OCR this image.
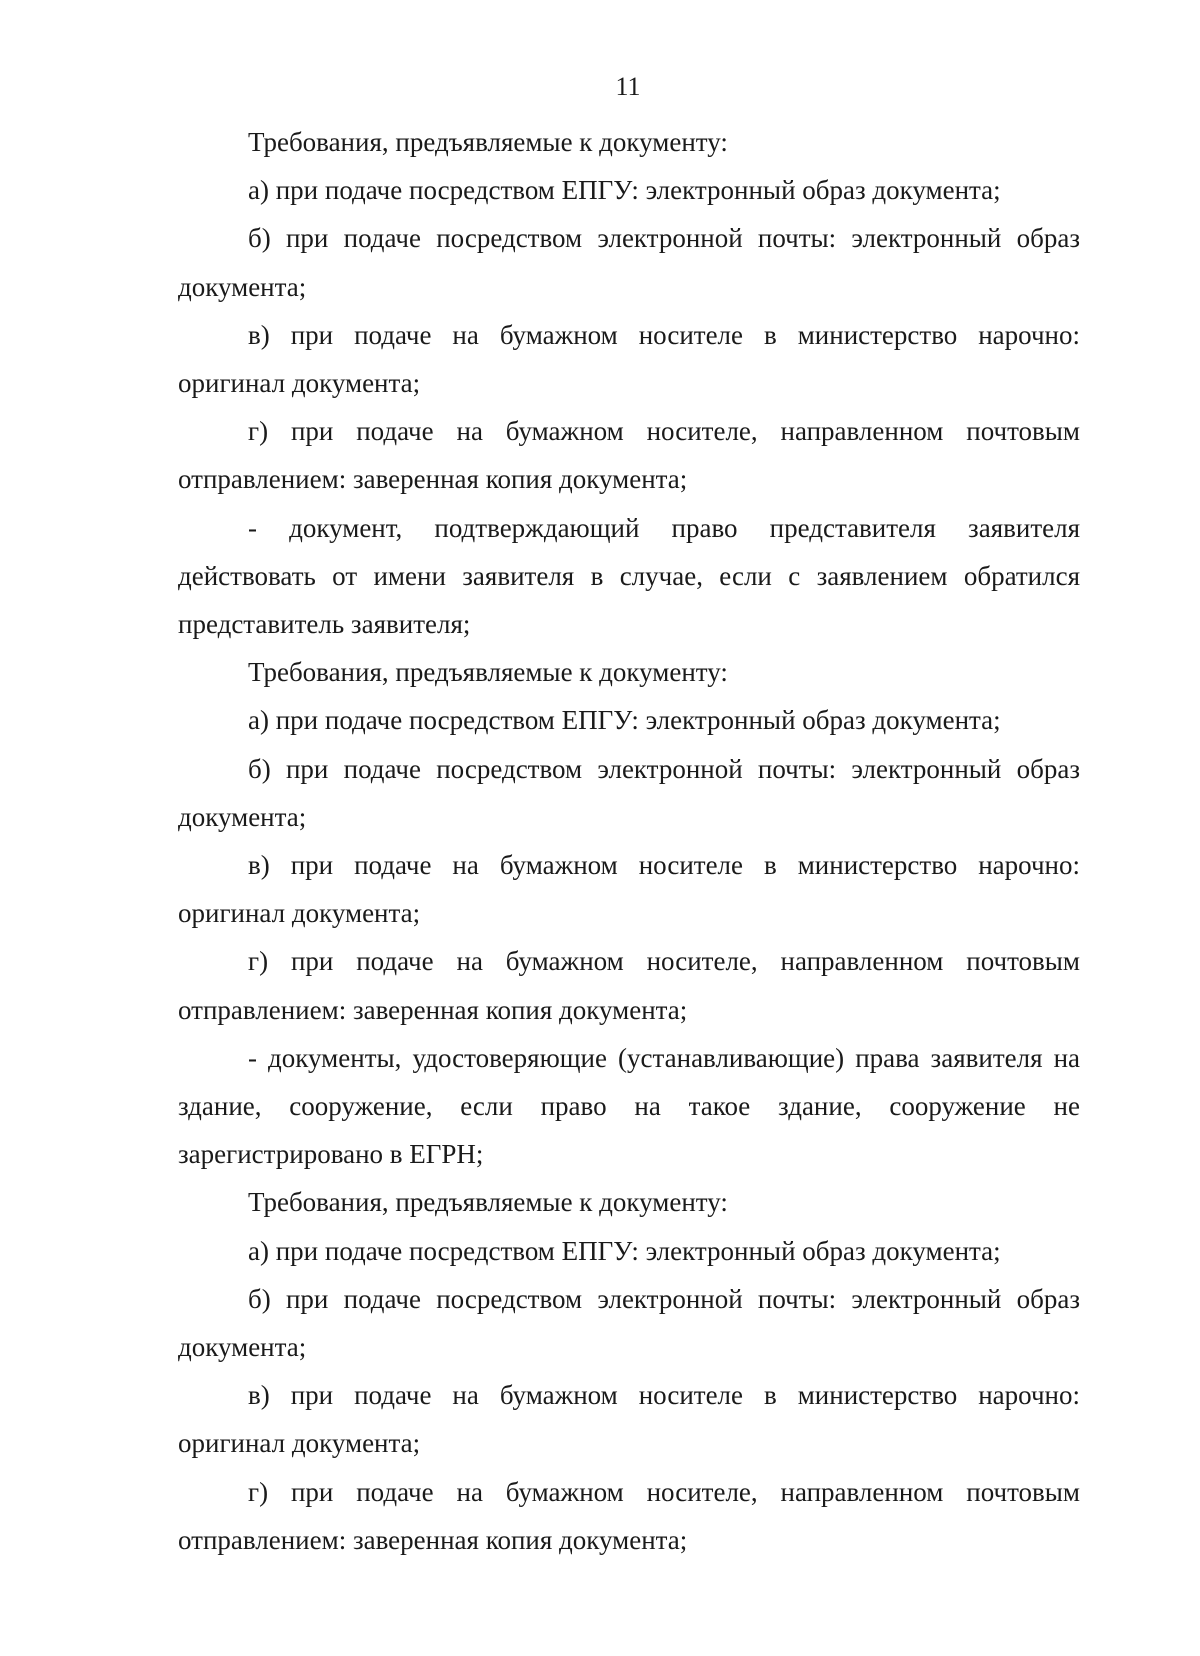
11

Требования, предъявляемые к документу:

а) при подаче посредством ЕПГУ: электронный образ документа;

б) при подаче посредством электронной почты: электронный образ документа;

в) при подаче на бумажном носителе в министерство нарочно: оригинал документа;

г) при подаче на бумажном носителе, направленном почтовым отправлением: заверенная копия документа;

- документ, подтверждающий право представителя заявителя действовать от имени заявителя в случае, если с заявлением обратился представитель заявителя;

Требования, предъявляемые к документу:

а) при подаче посредством ЕПГУ: электронный образ документа;

б) при подаче посредством электронной почты: электронный образ документа;

в) при подаче на бумажном носителе в министерство нарочно: оригинал документа;

г) при подаче на бумажном носителе, направленном почтовым отправлением: заверенная копия документа;

- документы, удостоверяющие (устанавливающие) права заявителя на здание, сооружение, если право на такое здание, сооружение не зарегистрировано в ЕГРН;

Требования, предъявляемые к документу:

а) при подаче посредством ЕПГУ: электронный образ документа;

б) при подаче посредством электронной почты: электронный образ документа;

в) при подаче на бумажном носителе в министерство нарочно: оригинал документа;

г) при подаче на бумажном носителе, направленном почтовым отправлением: заверенная копия документа;
